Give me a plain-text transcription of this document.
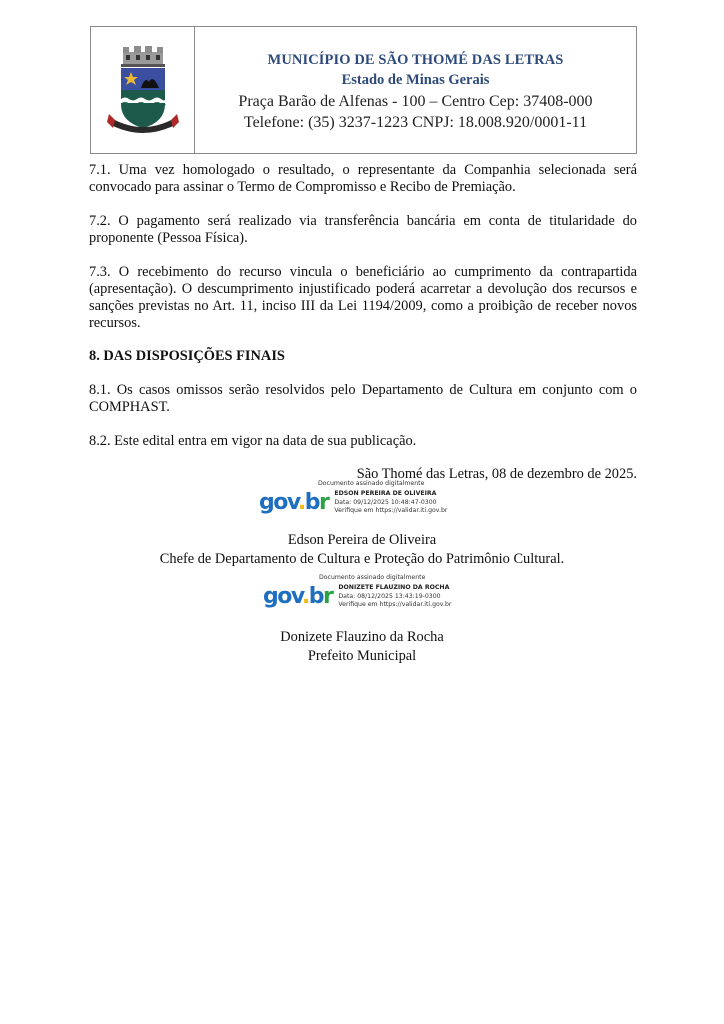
MUNICÍPIO DE SÃO THOMÉ DAS LETRAS
Estado de Minas Gerais
Praça Barão de Alfenas - 100 – Centro Cep: 37408-000
Telefone: (35) 3237-1223 CNPJ: 18.008.920/0001-11

7.1. Uma vez homologado o resultado, o representante da Companhia selecionada será convocado para assinar o Termo de Compromisso e Recibo de Premiação.

7.2. O pagamento será realizado via transferência bancária em conta de titularidade do proponente (Pessoa Física).

7.3. O recebimento do recurso vincula o beneficiário ao cumprimento da contrapartida (apresentação). O descumprimento injustificado poderá acarretar a devolução dos recursos e sanções previstas no Art. 11, inciso III da Lei 1194/2009, como a proibição de receber novos recursos.

8. DAS DISPOSIÇÕES FINAIS

8.1. Os casos omissos serão resolvidos pelo Departamento de Cultura em conjunto com o COMPHAST.

8.2. Este edital entra em vigor na data de sua publicação.

São Thomé das Letras, 08 de dezembro de 2025.

Documento assinado digitalmente
gov.br EDSON PEREIRA DE OLIVEIRA
Data: 09/12/2025 10:48:47-0300
Verifique em https://validar.iti.gov.br
Edson Pereira de Oliveira
Chefe de Departamento de Cultura e Proteção do Patrimônio Cultural.
Documento assinado digitalmente
gov.br DONIZETE FLAUZINO DA ROCHA
Data: 08/12/2025 13:43:19-0300
Verifique em https://validar.iti.gov.br
Donizete Flauzino da Rocha
Prefeito Municipal
